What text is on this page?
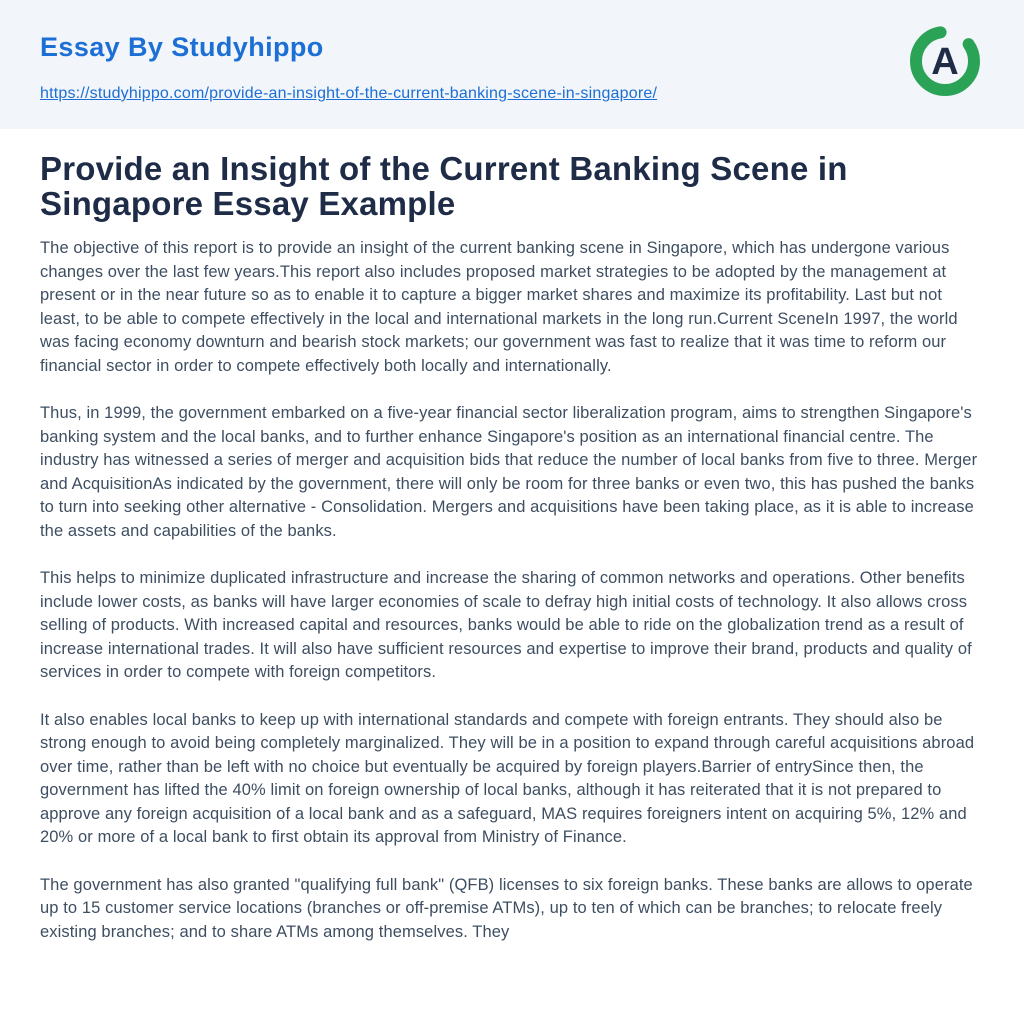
Essay By Studyhippo
https://studyhippo.com/provide-an-insight-of-the-current-banking-scene-in-singapore/
A
Provide an Insight of the Current Banking Scene in Singapore Essay Example

The objective of this report is to provide an insight of the current banking scene in Singapore, which has undergone various changes over the last few years.This report also includes proposed market strategies to be adopted by the management at present or in the near future so as to enable it to capture a bigger market shares and maximize its profitability. Last but not least, to be able to compete effectively in the local and international markets in the long run.Current SceneIn 1997, the world was facing economy downturn and bearish stock markets; our government was fast to realize that it was time to reform our financial sector in order to compete effectively both locally and internationally.

Thus, in 1999, the government embarked on a five-year financial sector liberalization program, aims to strengthen Singapore's banking system and the local banks, and to further enhance Singapore's position as an international financial centre. The industry has witnessed a series of merger and acquisition bids that reduce the number of local banks from five to three. Merger and AcquisitionAs indicated by the government, there will only be room for three banks or even two, this has pushed the banks to turn into seeking other alternative - Consolidation. Mergers and acquisitions have been taking place, as it is able to increase the assets and capabilities of the banks.

This helps to minimize duplicated infrastructure and increase the sharing of common networks and operations. Other benefits include lower costs, as banks will have larger economies of scale to defray high initial costs of technology. It also allows cross selling of products. With increased capital and resources, banks would be able to ride on the globalization trend as a result of increase international trades. It will also have sufficient resources and expertise to improve their brand, products and quality of services in order to compete with foreign competitors.

It also enables local banks to keep up with international standards and compete with foreign entrants. They should also be strong enough to avoid being completely marginalized. They will be in a position to expand through careful acquisitions abroad over time, rather than be left with no choice but eventually be acquired by foreign players.Barrier of entrySince then, the government has lifted the 40% limit on foreign ownership of local banks, although it has reiterated that it is not prepared to approve any foreign acquisition of a local bank and as a safeguard, MAS requires foreigners intent on acquiring 5%, 12% and 20% or more of a local bank to first obtain its approval from Ministry of Finance.

The government has also granted "qualifying full bank" (QFB) licenses to six foreign banks. These banks are allows to operate up to 15 customer service locations (branches or off-premise ATMs), up to ten of which can be branches; to relocate freely existing branches; and to share ATMs among themselves. They
